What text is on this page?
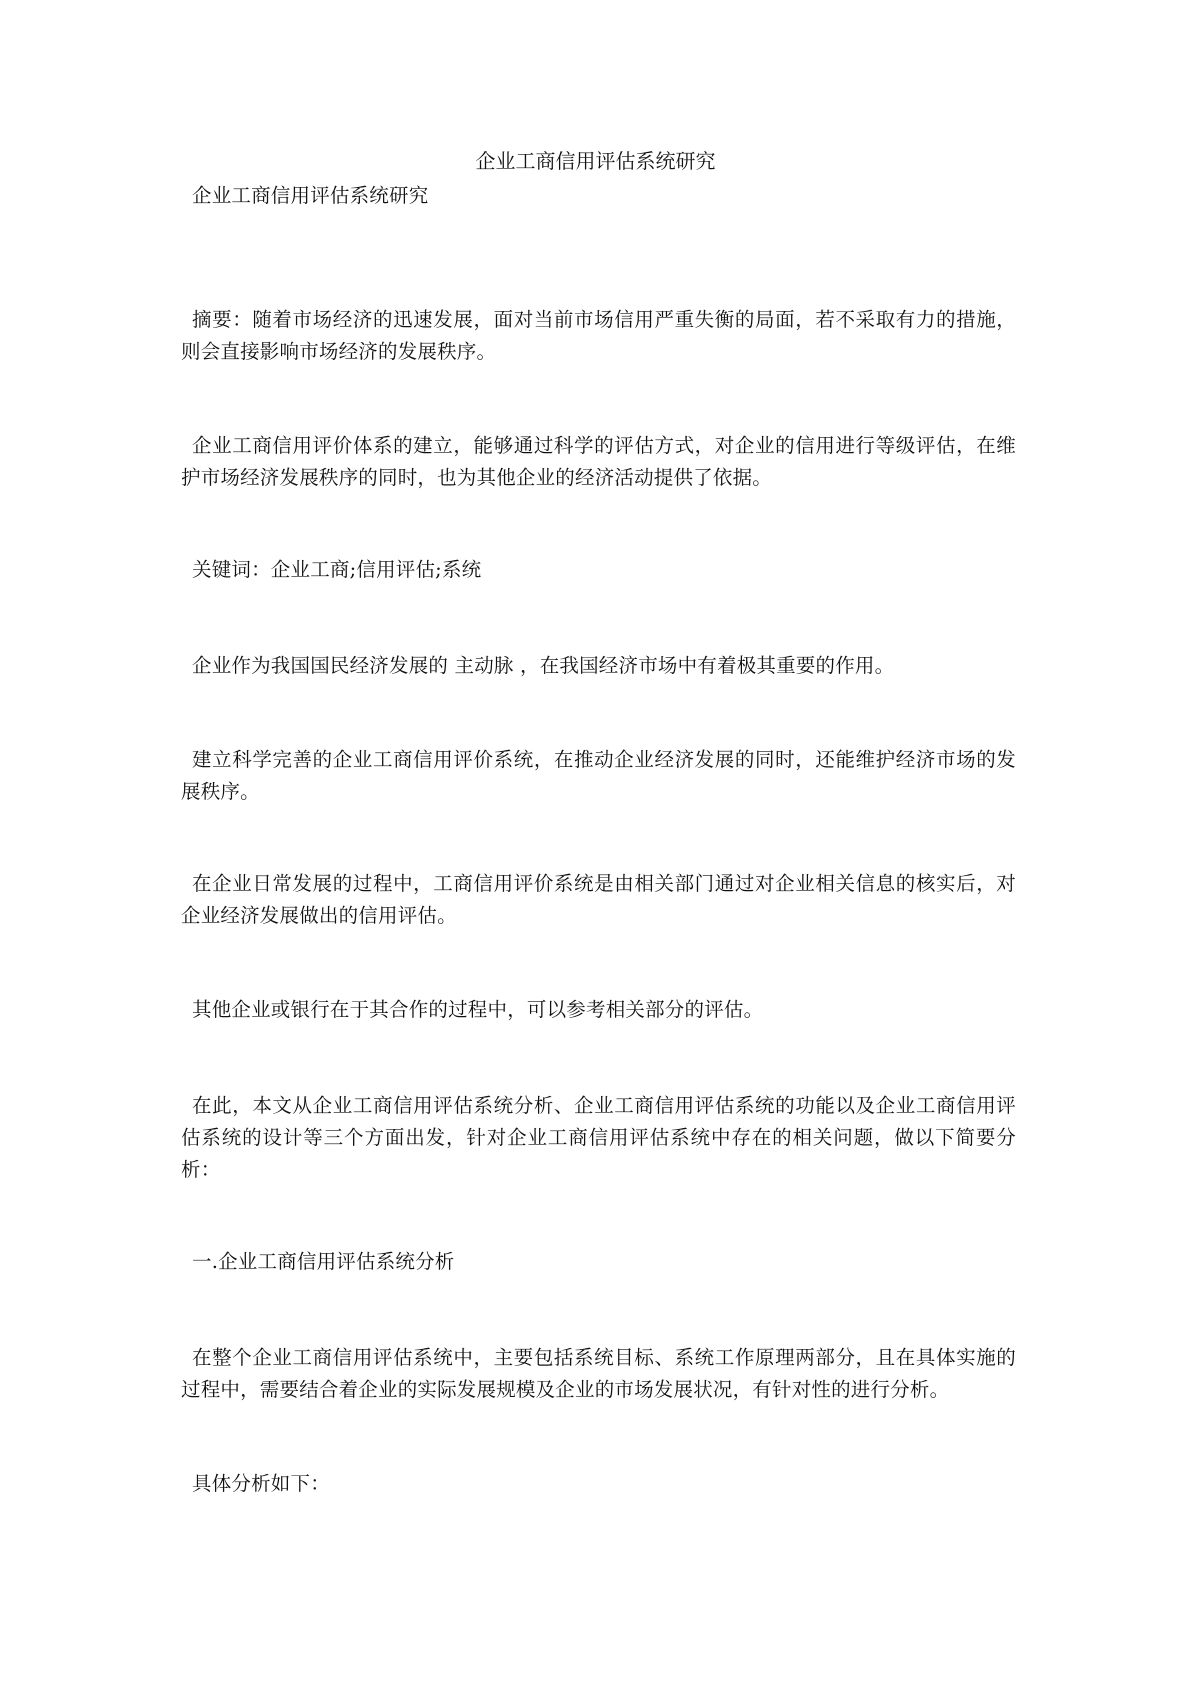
企业工商信用评估系统研究

企业工商信用评估系统研究

摘要：随着市场经济的迅速发展，面对当前市场信用严重失衡的局面，若不采取有力的措施，则会直接影响市场经济的发展秩序。

企业工商信用评价体系的建立，能够通过科学的评估方式，对企业的信用进行等级评估，在维护市场经济发展秩序的同时，也为其他企业的经济活动提供了依据。

关键词：企业工商;信用评估;系统

企业作为我国国民经济发展的 主动脉 ，在我国经济市场中有着极其重要的作用。

建立科学完善的企业工商信用评价系统，在推动企业经济发展的同时，还能维护经济市场的发展秩序。

在企业日常发展的过程中，工商信用评价系统是由相关部门通过对企业相关信息的核实后，对企业经济发展做出的信用评估。

其他企业或银行在于其合作的过程中，可以参考相关部分的评估。

在此，本文从企业工商信用评估系统分析、企业工商信用评估系统的功能以及企业工商信用评估系统的设计等三个方面出发，针对企业工商信用评估系统中存在的相关问题，做以下简要分析：

一.企业工商信用评估系统分析

在整个企业工商信用评估系统中，主要包括系统目标、系统工作原理两部分，且在具体实施的过程中，需要结合着企业的实际发展规模及企业的市场发展状况，有针对性的进行分析。

具体分析如下：
